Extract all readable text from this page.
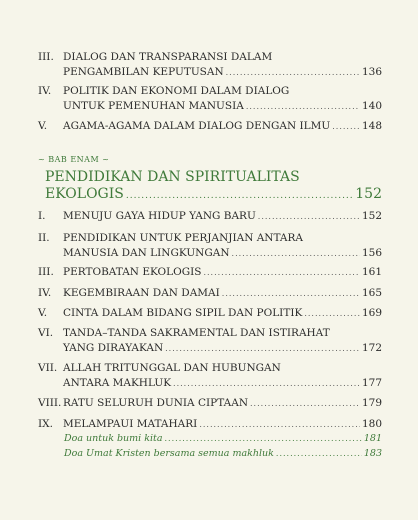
III. DIALOG DAN TRANSPARANSI DALAM
PENGAMBILAN KEPUTUSAN .....	136
IV. POLITIK DAN EKONOMI DALAM DIALOG
UNTUK PEMENUHAN MANUSIA .....	140
V. AGAMA-AGAMA DALAM DIALOG DENGAN ILMU .....	148
~ BAB ENAM ~
PENDIDIKAN DAN SPIRITUALITAS
EKOLOGIS .....	152
I. MENUJU GAYA HIDUP YANG BARU .....	152
II. PENDIDIKAN UNTUK PERJANJIAN ANTARA
MANUSIA DAN LINGKUNGAN .....	156
III. PERTOBATAN EKOLOGIS .....	161
IV. KEGEMBIRAAN DAN DAMAI .....	165
V. CINTA DALAM BIDANG SIPIL DAN POLITIK .....	169
VI. TANDA–TANDA SAKRAMENTAL DAN ISTIRAHAT
YANG DIRAYAKAN .....	172
VII. ALLAH TRITUNGGAL DAN HUBUNGAN
ANTARA MAKHLUK .....	177
VIII. RATU SELURUH DUNIA CIPTAAN .....	179
IX. MELAMPAUI MATAHARI .....	180
Doa untuk bumi kita .....	181
Doa Umat Kristen bersama semua makhluk .....	183
